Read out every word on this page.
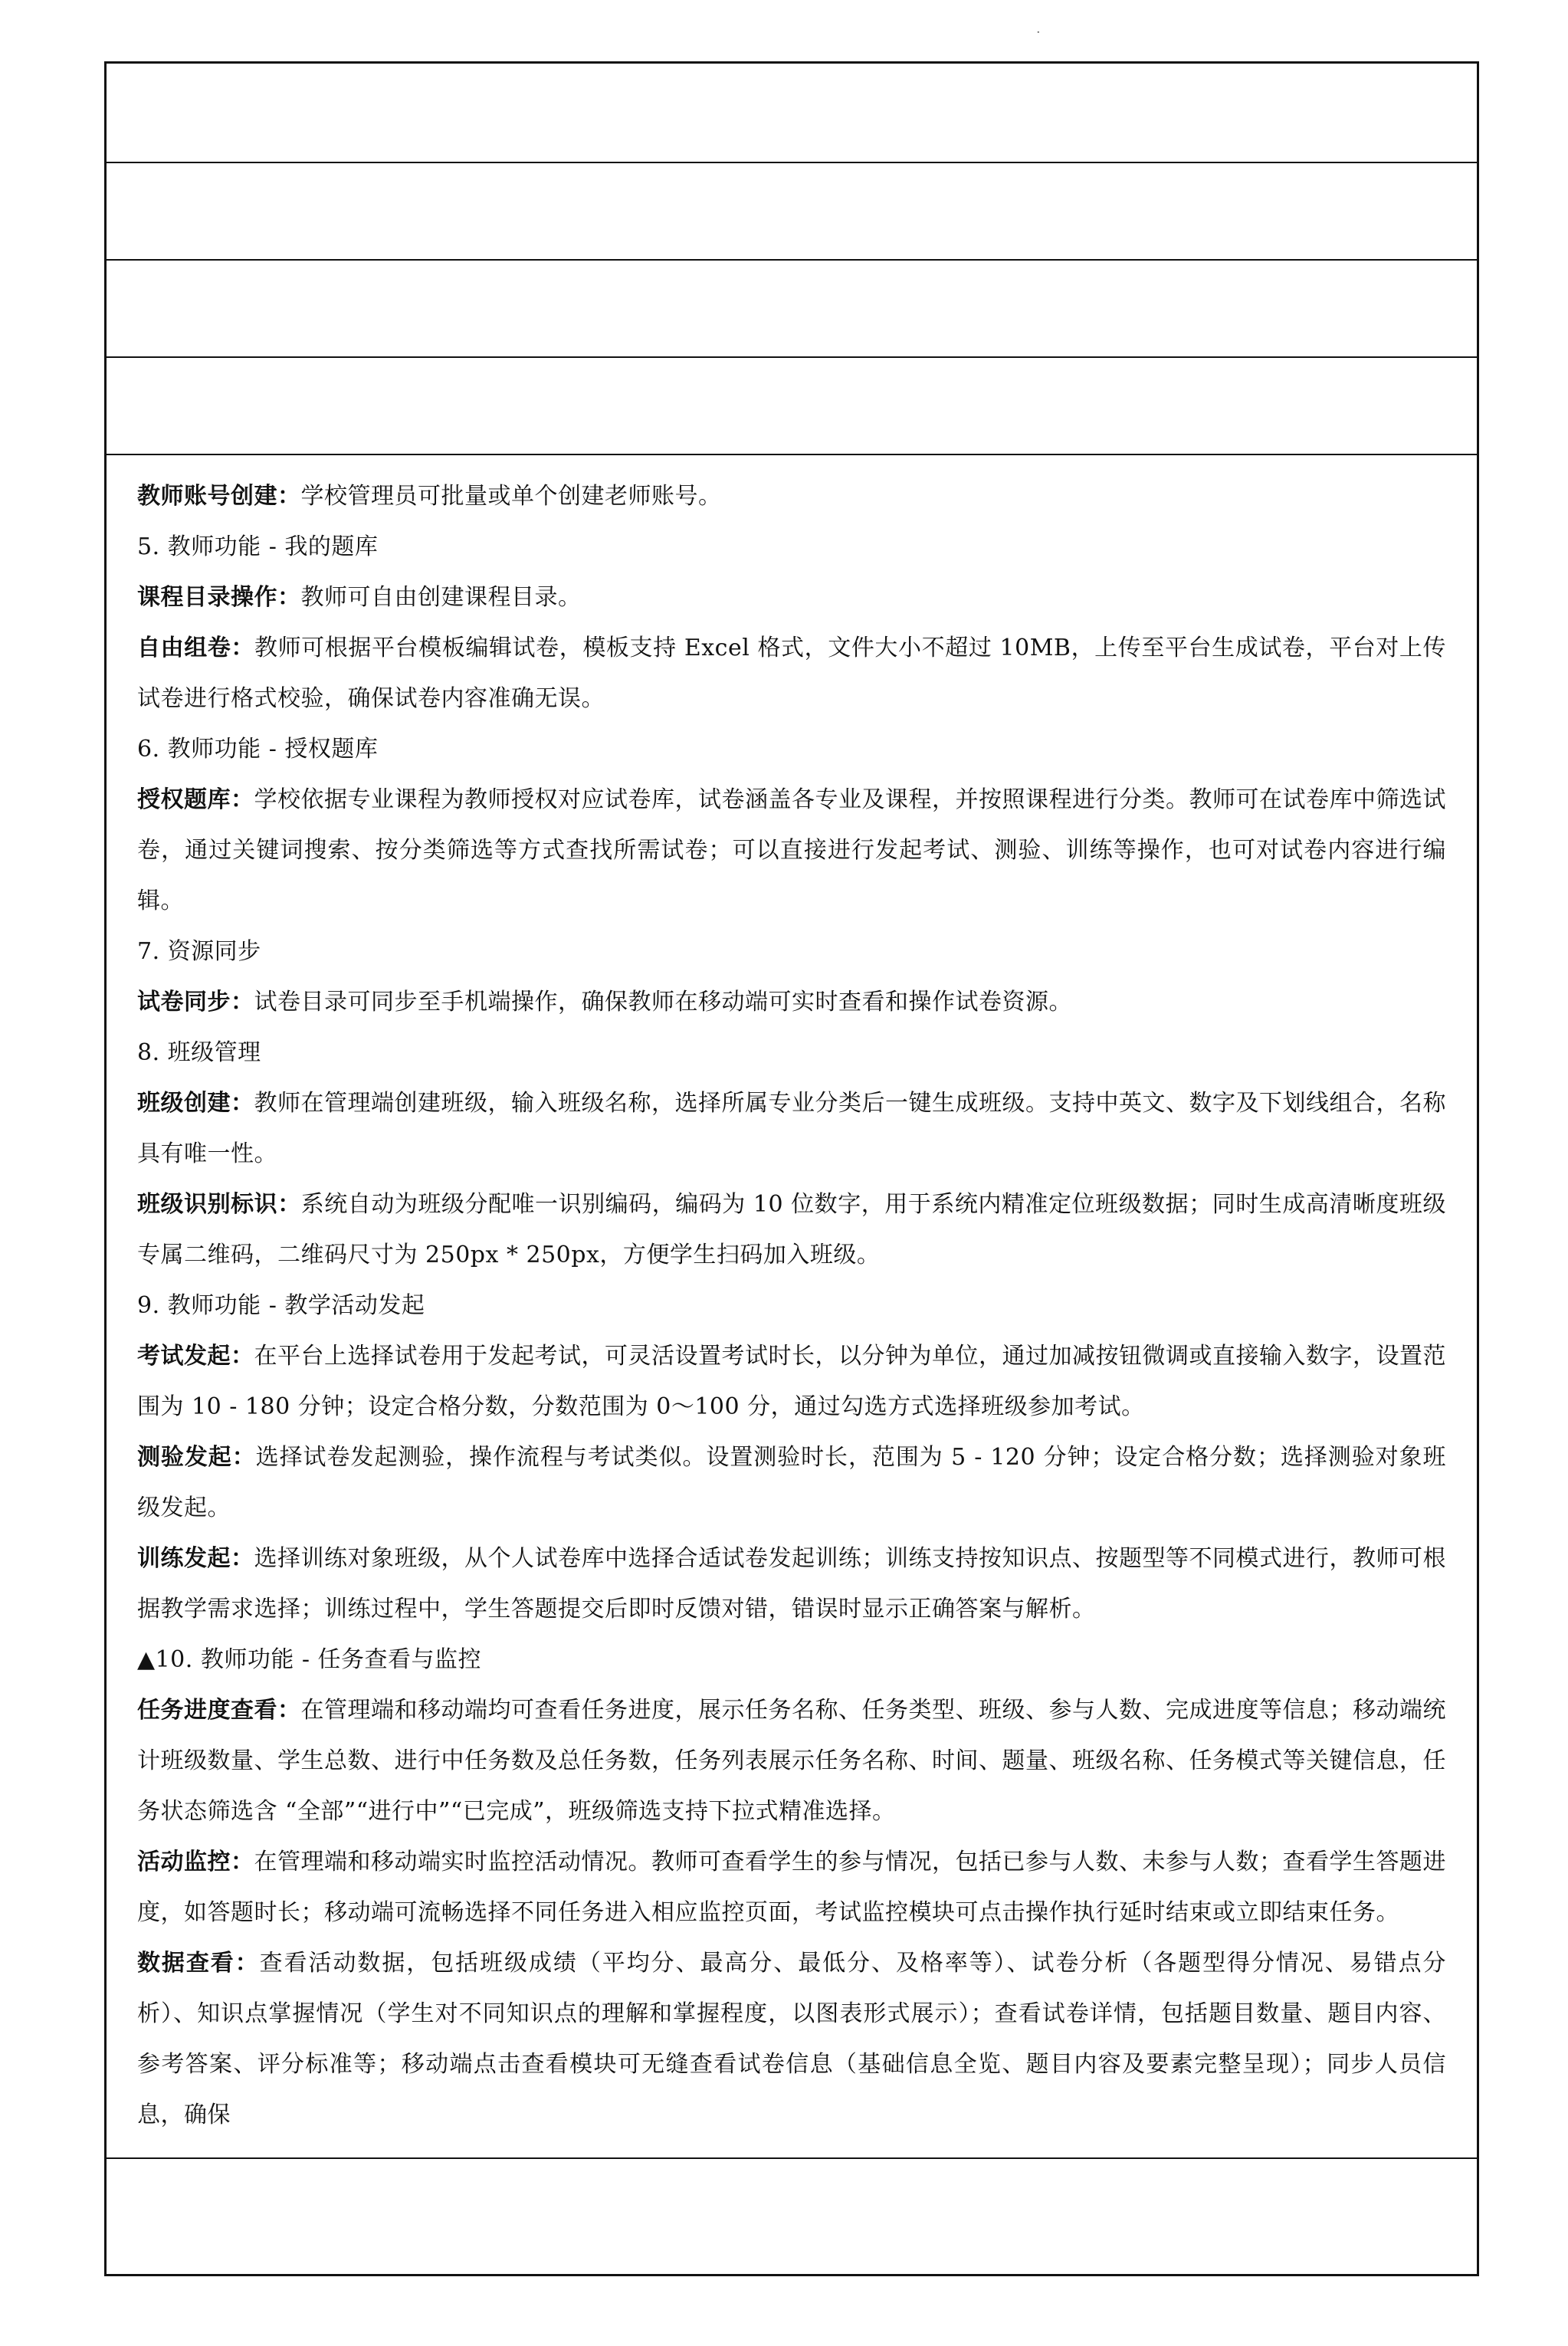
·

教师账号创建：学校管理员可批量或单个创建老师账号。

5. 教师功能 - 我的题库

课程目录操作：教师可自由创建课程目录。

自由组卷：教师可根据平台模板编辑试卷，模板支持 Excel 格式，文件大小不超过 10MB，上传至平台生成试卷，平台对上传试卷进行格式校验，确保试卷内容准确无误。

6. 教师功能 - 授权题库

授权题库：学校依据专业课程为教师授权对应试卷库，试卷涵盖各专业及课程，并按照课程进行分类。教师可在试卷库中筛选试卷，通过关键词搜索、按分类筛选等方式查找所需试卷；可以直接进行发起考试、测验、训练等操作，也可对试卷内容进行编辑。

7. 资源同步

试卷同步：试卷目录可同步至手机端操作，确保教师在移动端可实时查看和操作试卷资源。

8. 班级管理

班级创建：教师在管理端创建班级，输入班级名称，选择所属专业分类后一键生成班级。支持中英文、数字及下划线组合，名称具有唯一性。

班级识别标识：系统自动为班级分配唯一识别编码，编码为 10 位数字，用于系统内精准定位班级数据；同时生成高清晰度班级专属二维码，二维码尺寸为 250px * 250px，方便学生扫码加入班级。

9. 教师功能 - 教学活动发起

考试发起：在平台上选择试卷用于发起考试，可灵活设置考试时长，以分钟为单位，通过加减按钮微调或直接输入数字，设置范围为 10 - 180 分钟；设定合格分数，分数范围为 0～100 分，通过勾选方式选择班级参加考试。

测验发起：选择试卷发起测验，操作流程与考试类似。设置测验时长，范围为 5 - 120 分钟；设定合格分数；选择测验对象班级发起。

训练发起：选择训练对象班级，从个人试卷库中选择合适试卷发起训练；训练支持按知识点、按题型等不同模式进行，教师可根据教学需求选择；训练过程中，学生答题提交后即时反馈对错，错误时显示正确答案与解析。

▲10. 教师功能 - 任务查看与监控

任务进度查看：在管理端和移动端均可查看任务进度，展示任务名称、任务类型、班级、参与人数、完成进度等信息；移动端统计班级数量、学生总数、进行中任务数及总任务数，任务列表展示任务名称、时间、题量、班级名称、任务模式等关键信息，任务状态筛选含 “全部”“进行中”“已完成”，班级筛选支持下拉式精准选择。

活动监控：在管理端和移动端实时监控活动情况。教师可查看学生的参与情况，包括已参与人数、未参与人数；查看学生答题进度，如答题时长；移动端可流畅选择不同任务进入相应监控页面，考试监控模块可点击操作执行延时结束或立即结束任务。

数据查看：查看活动数据，包括班级成绩（平均分、最高分、最低分、及格率等）、试卷分析（各题型得分情况、易错点分析）、知识点掌握情况（学生对不同知识点的理解和掌握程度，以图表形式展示）；查看试卷详情，包括题目数量、题目内容、参考答案、评分标准等；移动端点击查看模块可无缝查看试卷信息（基础信息全览、题目内容及要素完整呈现）；同步人员信息，确保
